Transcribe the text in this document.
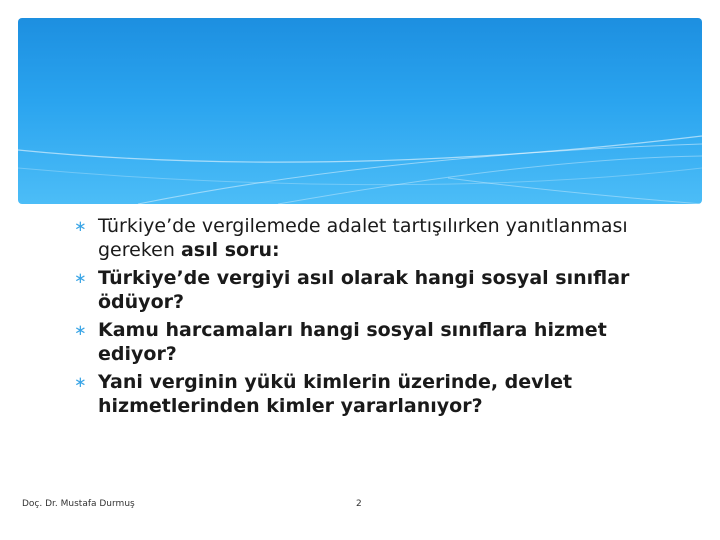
∗ Türkiye’de vergilemede adalet tartışılırken yanıtlanması gereken asıl soru:
∗ Türkiye’de vergiyi asıl olarak hangi sosyal sınıflar ödüyor?
∗ Kamu harcamaları hangi sosyal sınıflara hizmet ediyor?
∗ Yani verginin yükü kimlerin üzerinde, devlet hizmetlerinden kimler yararlanıyor?
Doç. Dr. Mustafa Durmuş	2
